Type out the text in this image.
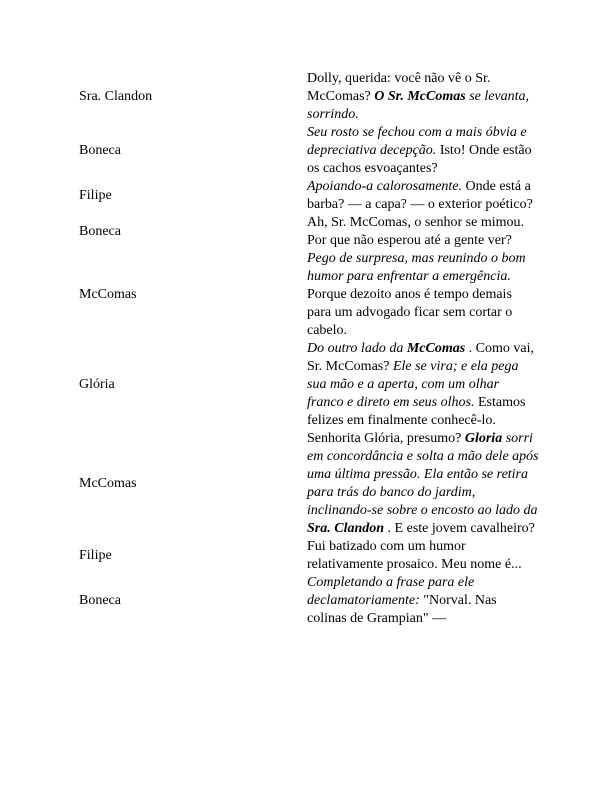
Sra. Clandon

Dolly, querida: você não vê o Sr. McComas? O Sr. McComas se levanta, sorrindo.

Boneca

Seu rosto se fechou com a mais óbvia e depreciativa decepção. Isto! Onde estão os cachos esvoaçantes?

Filipe

Apoiando-a calorosamente. Onde está a barba? — a capa? — o exterior poético?

Boneca

Ah, Sr. McComas, o senhor se mimou. Por que não esperou até a gente ver?

McComas

Pego de surpresa, mas reunindo o bom humor para enfrentar a emergência. Porque dezoito anos é tempo demais para um advogado ficar sem cortar o cabelo.

Glória

Do outro lado da McComas . Como vai, Sr. McComas? Ele se vira; e ela pega sua mão e a aperta, com um olhar franco e direto em seus olhos. Estamos felizes em finalmente conhecê-lo.

McComas

Senhorita Glória, presumo? Gloria sorri em concordância e solta a mão dele após uma última pressão. Ela então se retira para trás do banco do jardim, inclinando-se sobre o encosto ao lado da Sra. Clandon . E este jovem cavalheiro?

Filipe

Fui batizado com um humor relativamente prosaico. Meu nome é...

Boneca

Completando a frase para ele declamatoriamente: "Norval. Nas colinas de Grampian" —
